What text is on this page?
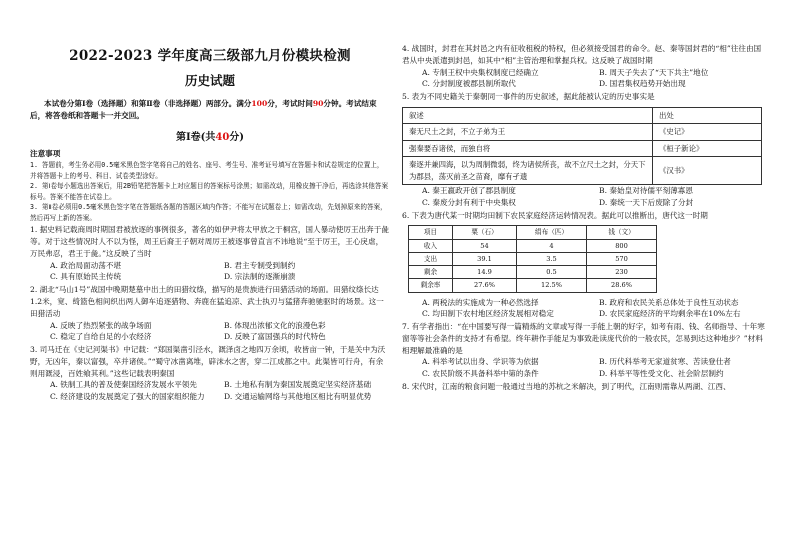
2022-2023 学年度高三级部九月份模块检测
历史试题
本试卷分第Ⅰ卷（选择题）和第Ⅱ卷（非选择题）两部分。满分100分，考试时间90分钟。考试结束后，将答卷纸和答题卡一并交回。
第Ⅰ卷(共40分)
注意事项
1. 答题前，考生务必用0.5毫米黑色签字笔将自己的姓名、座号、考生号、准考证号填写在答题卡和试卷规定的位置上，并将答题卡上的考号、科目、试卷类型涂好。
2. 第Ⅰ卷每小题选出答案后，用2B铅笔把答题卡上对应题目的答案标号涂黑；如需改动，用橡皮擦干净后，再选涂其他答案标号。答案不能答在试卷上。
3. 第Ⅱ卷必须用0.5毫米黑色签字笔在答题纸各题的答题区域内作答；不能写在试题卷上；如需改动，先划掉原来的答案，然后再写上新的答案。
1. 据史料记载商周时期国君被放逐的事例很多，著名的如伊尹将太甲放之于桐宫，国人暴动使厉王出奔于彘等。对于这些情况时人不以为怪，周王后裔王子朝对周厉王被逐事曾直言不讳地说“至于厉王，王心戾虐，万民弗忍，君王于彘。”这反映了当时
A. 政治局面动荡不堪	B. 君主专制受到制约
C. 具有原始民主传统	D. 宗法制的逐渐崩溃
2. 湖北“马山1号”战国中晚期楚墓中出土的田猎纹绦，描写的是贵族进行田猎活动的场面。田猎纹绦长达1.2米，宽、绮篮色相间织出两人御车追逐猎物、奔鹿在猛追凉、武士执刃与猛猪奔驰驰驱时的场景。这一田猎活动
A. 反映了热烈紧张的战争场面	B. 体现出浓郁文化的浪漫色彩
C. 稳定了自给自足的小农经济	D. 反映了富国强兵的时代特色
3. 司马迁在《史记河渠书》中记载：“郑国渠凿引泾水，溉泽卤之地四万余顷，收皆亩一钟，于是关中为沃野，无凶年，秦以富强，卒并诸侯。”“蜀守冰凿离堆，辟沫水之害，穿二江成都之中。此渠皆可行舟，有余则用溉浸，百姓飨其利。”这些记载表明秦国
A. 铁制工具的普及使秦国经济发展水平领先	B. 土地私有制为秦国发展奠定坚实经济基础
C. 经济建设的发展奠定了强大的国家组织能力	D. 交通运输网络与其他地区相比有明显优势
4. 战国时，封君在其封邑之内有征收租税的特权，但必须接受国君的命令。赵、秦等国封君的“相”往往由国君从中央派遣到封邑，如其中“相”主管治理和掌握兵权。这反映了战国时期
A. 专制王权中央集权制度已经确立	B. 周天子失去了“天下共主”地位
C. 分封制度被郡县制所取代	D. 国君集权趋势开始出现
5. 表为不同史籍关于秦朝同一事件的历史叙述，据此能被认定的历史事实是
叙述	出处
秦无尺土之封，不立子弟为王	《史记》
强秦要吞诸侯，而独自将	《桓子新论》
秦逐并兼四海，以为周制微弱，终为诸侯所丧，故不立尺土之封，分天下为郡县，荡灭前圣之苗裔，靡有孑遗	《汉书》
A. 秦王嬴政开创了郡县制度	B. 秦始皇对待儒平刻薄寡恩
C. 秦废分封有利于中央集权	D. 秦统一天下后废除了分封
6. 下表为唐代某一时期均田制下农民家庭经济运转情况表。据此可以推断出，唐代这一时期
项目	粟（石）	绢布（匹）	钱（文）
收入	54	4	800
支出	39.1	3.5	570
剩余	14.9	0.5	230
剩余率	27.6%	12.5%	28.6%
A. 两税法的实施成为一种必然选择	B. 政府和农民关系总体处于良性互动状态
C. 均田制下农村地区经济发展相对稳定	D. 农民家庭经济的平均剩余率在10%左右
7. 有学者指出：“在中国要写得一篇精炼的文章或写得一手能上朝的好字，如考有雨、钱、名师指导、十年寒窗等等社会条件的支持才有希望。终年耕作手能足为事致赴读庞代价的一般农民，怎易到达这种地步？”材料相理解最准确的是
A. 科举考试以出身、学识等为依据	B. 历代科举考无家道贫寒、苦读登仕者
C. 农民阶级不具备科举中第的条件	D. 科举平等性受文化、社会阶层制约
8. 宋代时，江南的粮食问题一般通过当地的苏杭之米解决，到了明代，江南则需靠从两湖、江西、
